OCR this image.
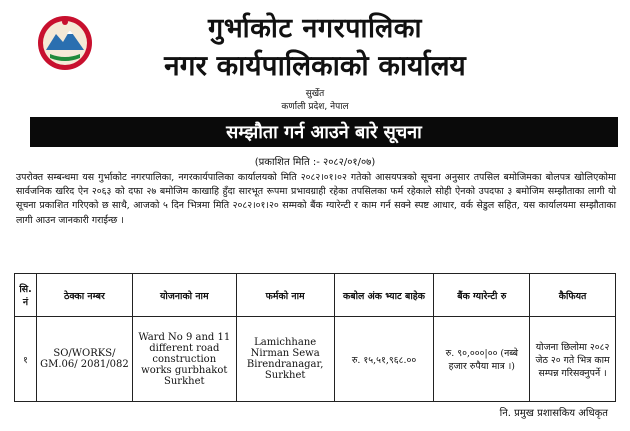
गुर्भाकोट नगरपालिका
नगर कार्यपालिकाको कार्यालय
सुर्खेत
कर्णाली प्रदेश, नेपाल
सम्झौता गर्न आउने बारे सूचना
(प्रकाशित मिति :- २०८२/०१/०७)
उपरोक्त सम्बन्धमा यस गुर्भाकोट नगरपालिका, नगरकार्यपालिका कार्यालयको मिति २०८२।०१।०२ गतेको आसयपत्रको सूचना अनुसार तपसिल बमोजिमका बोलपत्र खोलिएकोमा सार्वजनिक खरिद ऐन २०६३ को दफा २७ बमोजिम काखाहि हुँदा सारभूत रूपमा प्रभावग्राही रहेका तपसिलका फर्म रहेकाले सोही ऐनको उपदफा ३ बमोजिम सम्झौताका लागी यो सूचना प्रकाशित गरिएको छ साथै, आजको ५ दिन भित्रमा मिति २०८२।०१।२० सम्मको बैंक ग्यारेन्टी र काम गर्न सक्ने स्पष्ट आधार, वर्क सेडुल सहित, यस कार्यालयमा सम्झौताका लागी आउन जानकारी गराईन्छ ।
सि. नं	ठेक्का नम्बर	योजनाको नाम	फर्मको नाम	कबोल अंक भ्याट बाहेक	बैंक ग्यारेन्टी रु	कैफियत
१	SO/WORKS/ GM.06/ 2081/082	Ward No 9 and 11 different road construction works gurbhakot Surkhet	Lamichhane Nirman Sewa Birendranagar, Surkhet	रु. १५,५१,९६८.००	रु. ९०,०००|०० (नब्बे हजार रुपैया मात्र ।)	योजना छिलोमा २०८२ जेठ २० गते भित्र काम सम्पन्न गरिसक्नुपर्ने ।
नि. प्रमुख प्रशासकिय अधिकृत
